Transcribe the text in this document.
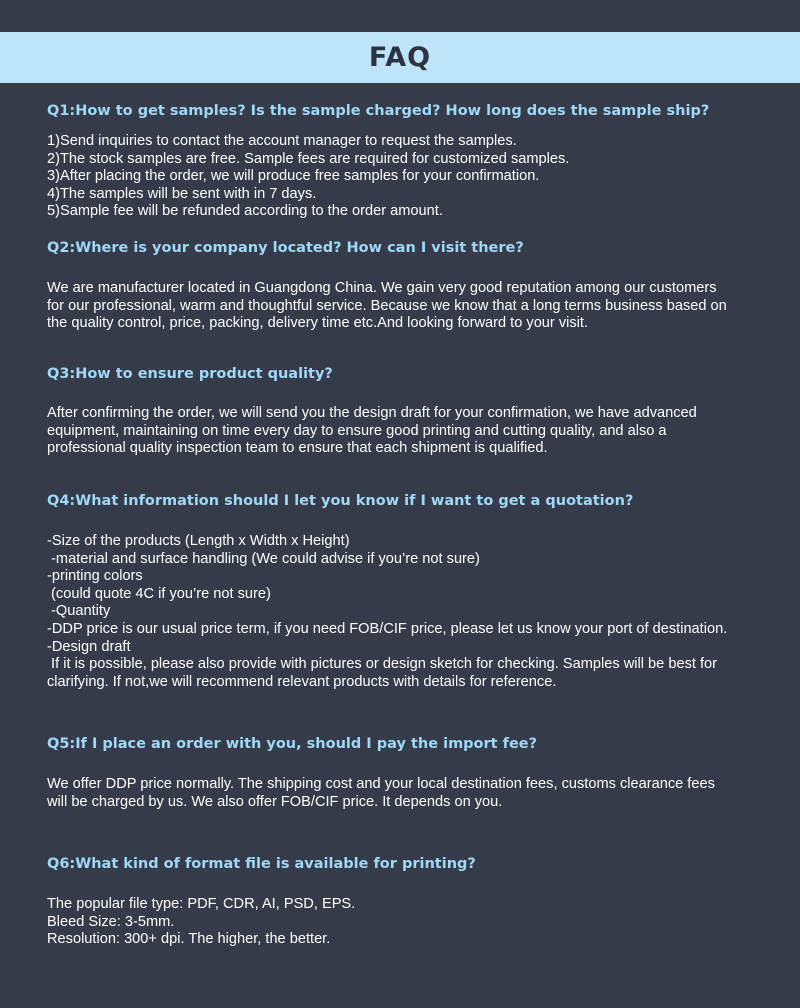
FAQ

Q1:How to get samples? Is the sample charged? How long does the sample ship?

1)Send inquiries to contact the account manager to request the samples.
2)The stock samples are free. Sample fees are required for customized samples.
3)After placing the order, we will produce free samples for your confirmation.
4)The samples will be sent with in 7 days.
5)Sample fee will be refunded according to the order amount.

Q2:Where is your company located? How can I visit there?

We are manufacturer located in Guangdong China. We gain very good reputation among our customers
for our professional, warm and thoughtful service. Because we know that a long terms business based on
the quality control, price, packing, delivery time etc.And looking forward to your visit.

Q3:How to ensure product quality?

After confirming the order, we will send you the design draft for your confirmation, we have advanced
equipment, maintaining on time every day to ensure good printing and cutting quality, and also a
professional quality inspection team to ensure that each shipment is qualified.

Q4:What information should I let you know if I want to get a quotation?

-Size of the products (Length x Width x Height)
-material and surface handling (We could advise if you’re not sure)
-printing colors
(could quote 4C if you’re not sure)
-Quantity
-DDP price is our usual price term, if you need FOB/CIF price, please let us know your port of destination.
-Design draft
If it is possible, please also provide with pictures or design sketch for checking. Samples will be best for
clarifying. If not,we will recommend relevant products with details for reference.

Q5:If I place an order with you, should I pay the import fee?

We offer DDP price normally. The shipping cost and your local destination fees, customs clearance fees
will be charged by us. We also offer FOB/CIF price. It depends on you.

Q6:What kind of format file is available for printing?

The popular file type: PDF, CDR, AI, PSD, EPS.
Bleed Size: 3-5mm.
Resolution: 300+ dpi. The higher, the better.
